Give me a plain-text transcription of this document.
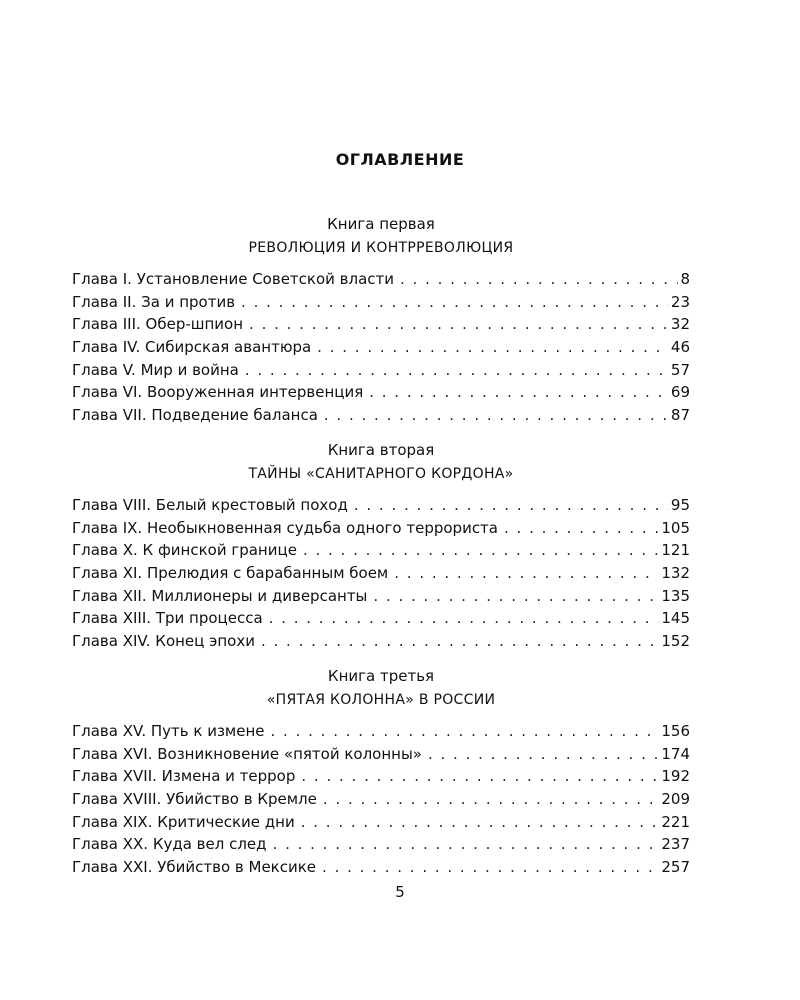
ОГЛАВЛЕНИЕ
Книга первая
РЕВОЛЮЦИЯ И КОНТРРЕВОЛЮЦИЯ
Глава I. Установление Советской власти . . .	8
Глава II. За и против . . .	23
Глава III. Обер-шпион . . .	32
Глава IV. Сибирская авантюра . . .	46
Глава V. Мир и война . . .	57
Глава VI. Вооруженная интервенция . . .	69
Глава VII. Подведение баланса . . .	87
Книга вторая
ТАЙНЫ «САНИТАРНОГО КОРДОНА»
Глава VIII. Белый крестовый поход . . .	95
Глава IX. Необыкновенная судьба одного террориста . . .	105
Глава X. К финской границе . . .	121
Глава XI. Прелюдия с барабанным боем . . .	132
Глава XII. Миллионеры и диверсанты . . .	135
Глава XIII. Три процесса . . .	145
Глава XIV. Конец эпохи . . .	152
Книга третья
«ПЯТАЯ КОЛОННА» В РОССИИ
Глава XV. Путь к измене . . .	156
Глава XVI. Возникновение «пятой колонны» . . .	174
Глава XVII. Измена и террор . . .	192
Глава XVIII. Убийство в Кремле . . .	209
Глава XIX. Критические дни . . .	221
Глава XX. Куда вел след . . .	237
Глава XXI. Убийство в Мексике . . .	257
5
